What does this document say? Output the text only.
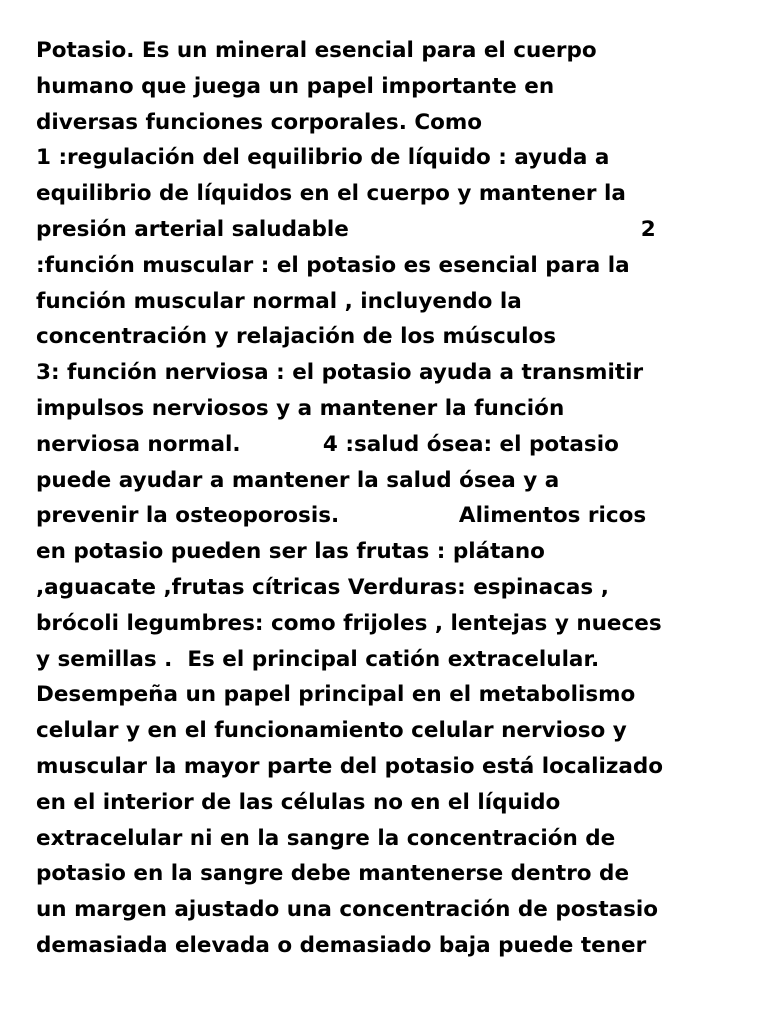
Potasio. Es un mineral esencial para el cuerpo
humano que juega un papel importante en
diversas funciones corporales. Como
1 :regulación del equilibrio de líquido : ayuda a
equilibrio de líquidos en el cuerpo y mantener la
presión arterial saludable                                       2
:función muscular : el potasio es esencial para la
función muscular normal , incluyendo la
concentración y relajación de los músculos
3: función nerviosa : el potasio ayuda a transmitir
impulsos nerviosos y a mantener la función
nerviosa normal.           4 :salud ósea: el potasio
puede ayudar a mantener la salud ósea y a
prevenir la osteoporosis.                Alimentos ricos
en potasio pueden ser las frutas : plátano
,aguacate ,frutas cítricas Verduras: espinacas ,
brócoli legumbres: como frijoles , lentejas y nueces
y semillas .  Es el principal catión extracelular.
Desempeña un papel principal en el metabolismo
celular y en el funcionamiento celular nervioso y
muscular la mayor parte del potasio está localizado
en el interior de las células no en el líquido
extracelular ni en la sangre la concentración de
potasio en la sangre debe mantenerse dentro de
un margen ajustado una concentración de postasio
demasiada elevada o demasiado baja puede tener
